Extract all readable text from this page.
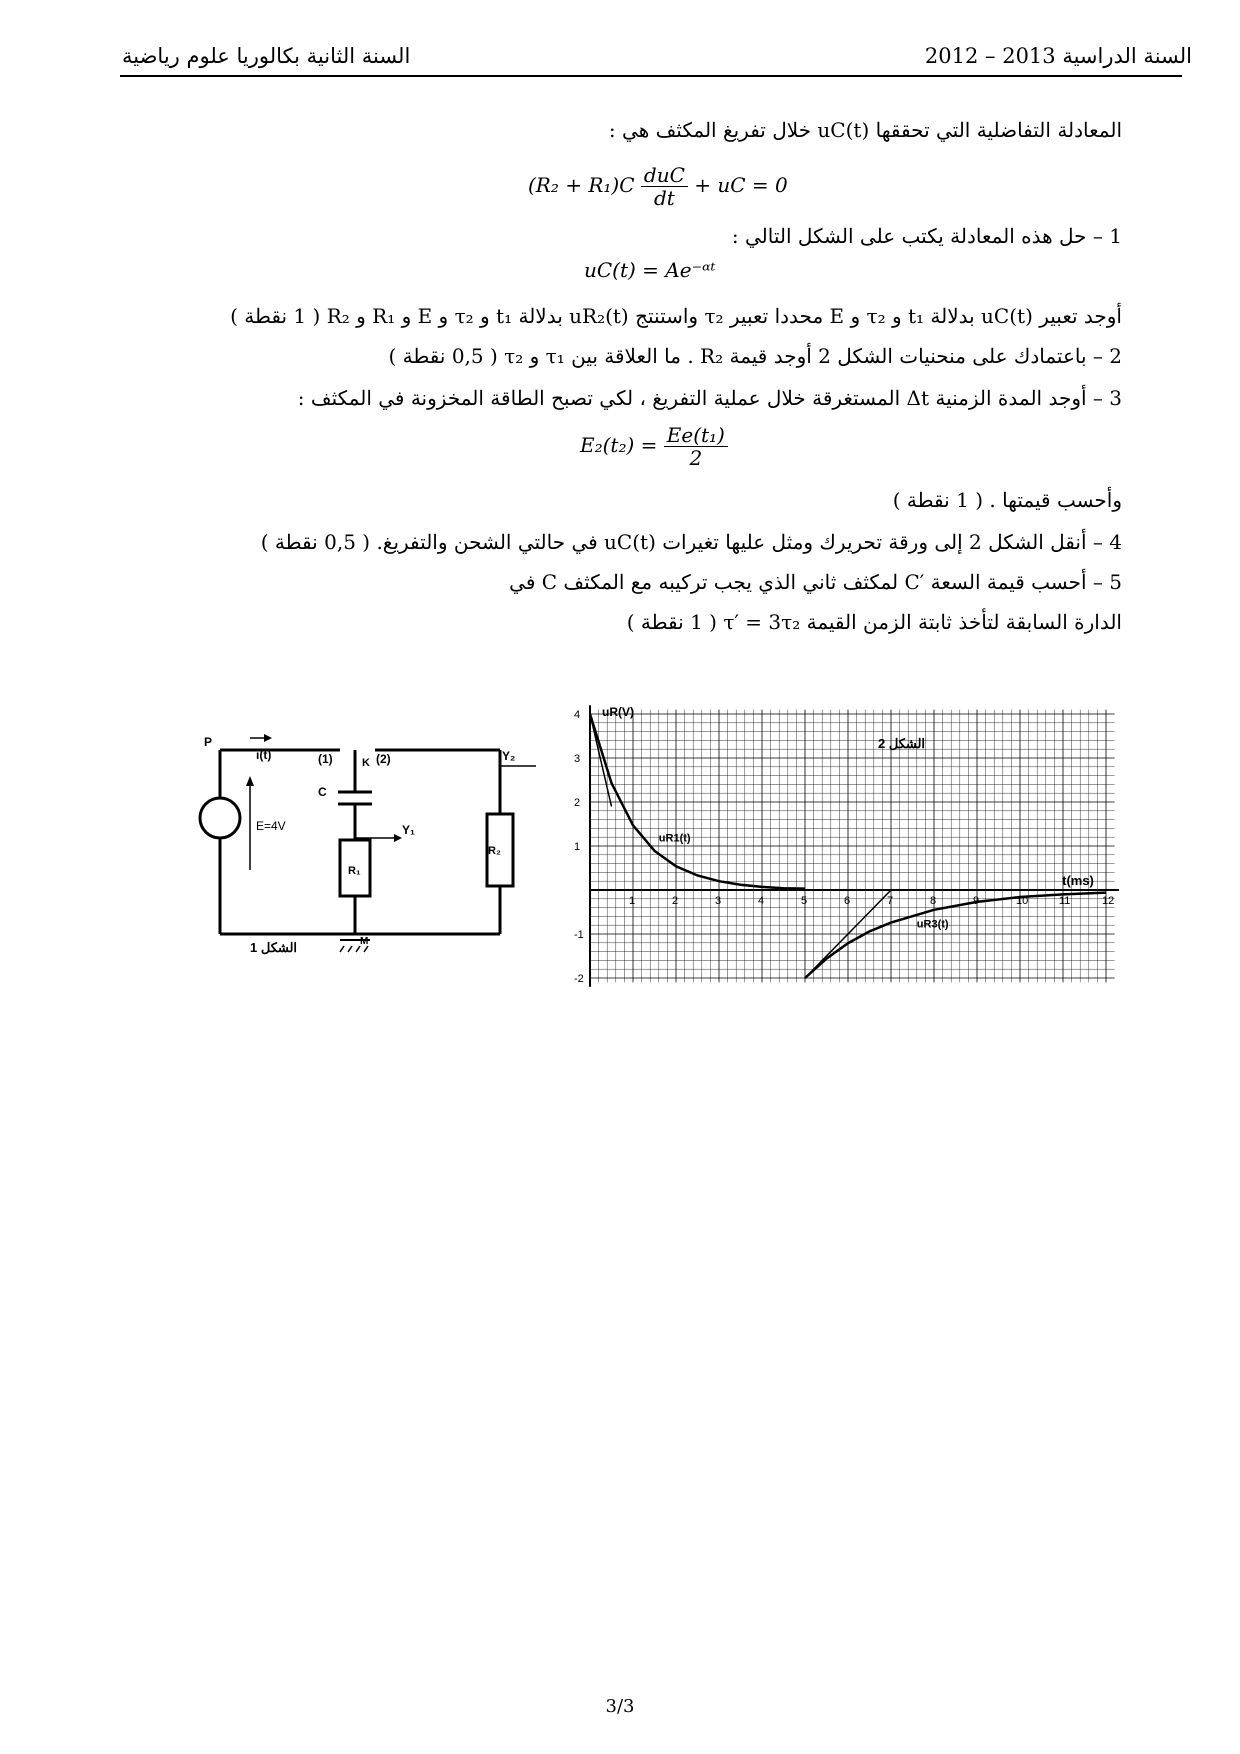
السنة الدراسية 2013 – 2012
السنة الثانية بكالوريا علوم رياضية
المعادلة التفاضلية التي تحققها uC(t) خلال تفريغ المكثف هي :
$(R_2 + R_1)C \frac{\text{duC}}{dt}$ + uC = 0
1 – حل هذه المعادلة يكتب على الشكل التالي :
uC(t) = Ae⁻ᵅᵗ
أوجد تعبير uC(t) بدلالة t₁ و τ₂ و E محددا تعبير τ₂ واستنتج uR₂(t) بدلالة t₁ و τ₂ و E و R₁ و R₂ ( 1 نقطة )
2 – باعتمادك على منحنيات الشكل 2 أوجد قيمة R₂ . ما العلاقة بين τ₁ و τ₂ ( 0,5 نقطة )
3 – أوجد المدة الزمنية Δt المستغرقة خلال عملية التفريغ ، لكي تصبح الطاقة المخزونة في المكثف :
$E_2(t_2) = \frac{\text{Ee(t₁)}}{2}$
وأحسب قيمتها . ( 1 نقطة )
4 – أنقل الشكل 2 إلى ورقة تحريرك ومثل عليها تغيرات uC(t) في حالتي الشحن والتفريغ. ( 0,5 نقطة )
5 – أحسب قيمة السعة ′C لمكثف ثاني الذي يجب تركيبه مع المكثف C في
الدارة السابقة لتأخذ ثابتة الزمن القيمة τ′ = 3τ₂ ( 1 نقطة )
P
i(t)	(1)	K (2)
C
E=4V	Y₁
Y₂
R₁
R₂
M
الشكل 1
1	2	3	4	5	6	7	8	9	10	11	12
4
3
2
1
-1
-2
uR1(t)
uR3(t)
uR(V)
t(ms)
الشكل 2
3/3
